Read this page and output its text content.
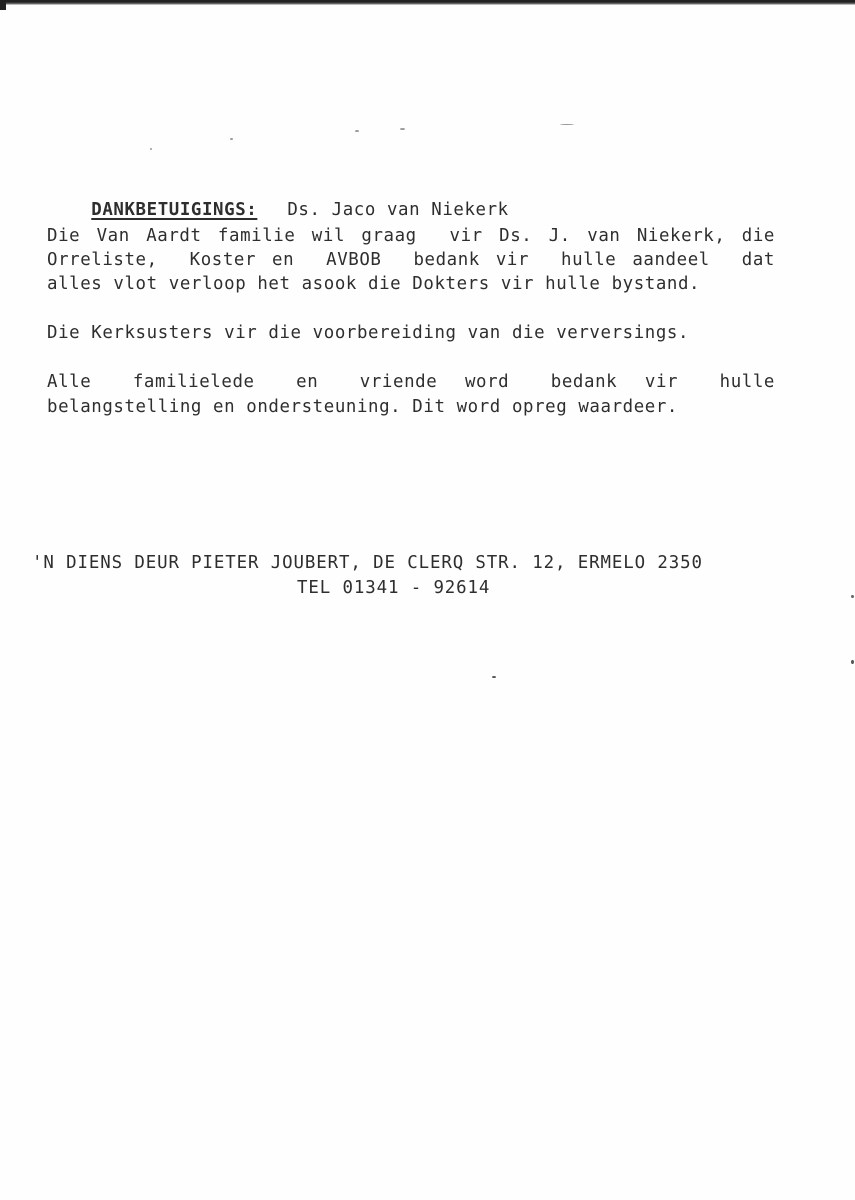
DANKBETUIGINGS: Ds. Jaco van Niekerk

Die Van Aardt familie wil graag  vir Ds. J. van Niekerk, die
Orreliste,  Koster en  AVBOB  bedank vir  hulle aandeel  dat
alles vlot verloop het asook die Dokters vir hulle bystand.
Die Kerksusters vir die voorbereiding van die verversings.
Alle   familielede   en   vriende  word   bedank  vir   hulle
belangstelling en ondersteuning. Dit word opreg waardeer.
'N DIENS DEUR PIETER JOUBERT, DE CLERQ STR. 12, ERMELO 2350
TEL 01341 - 92614
